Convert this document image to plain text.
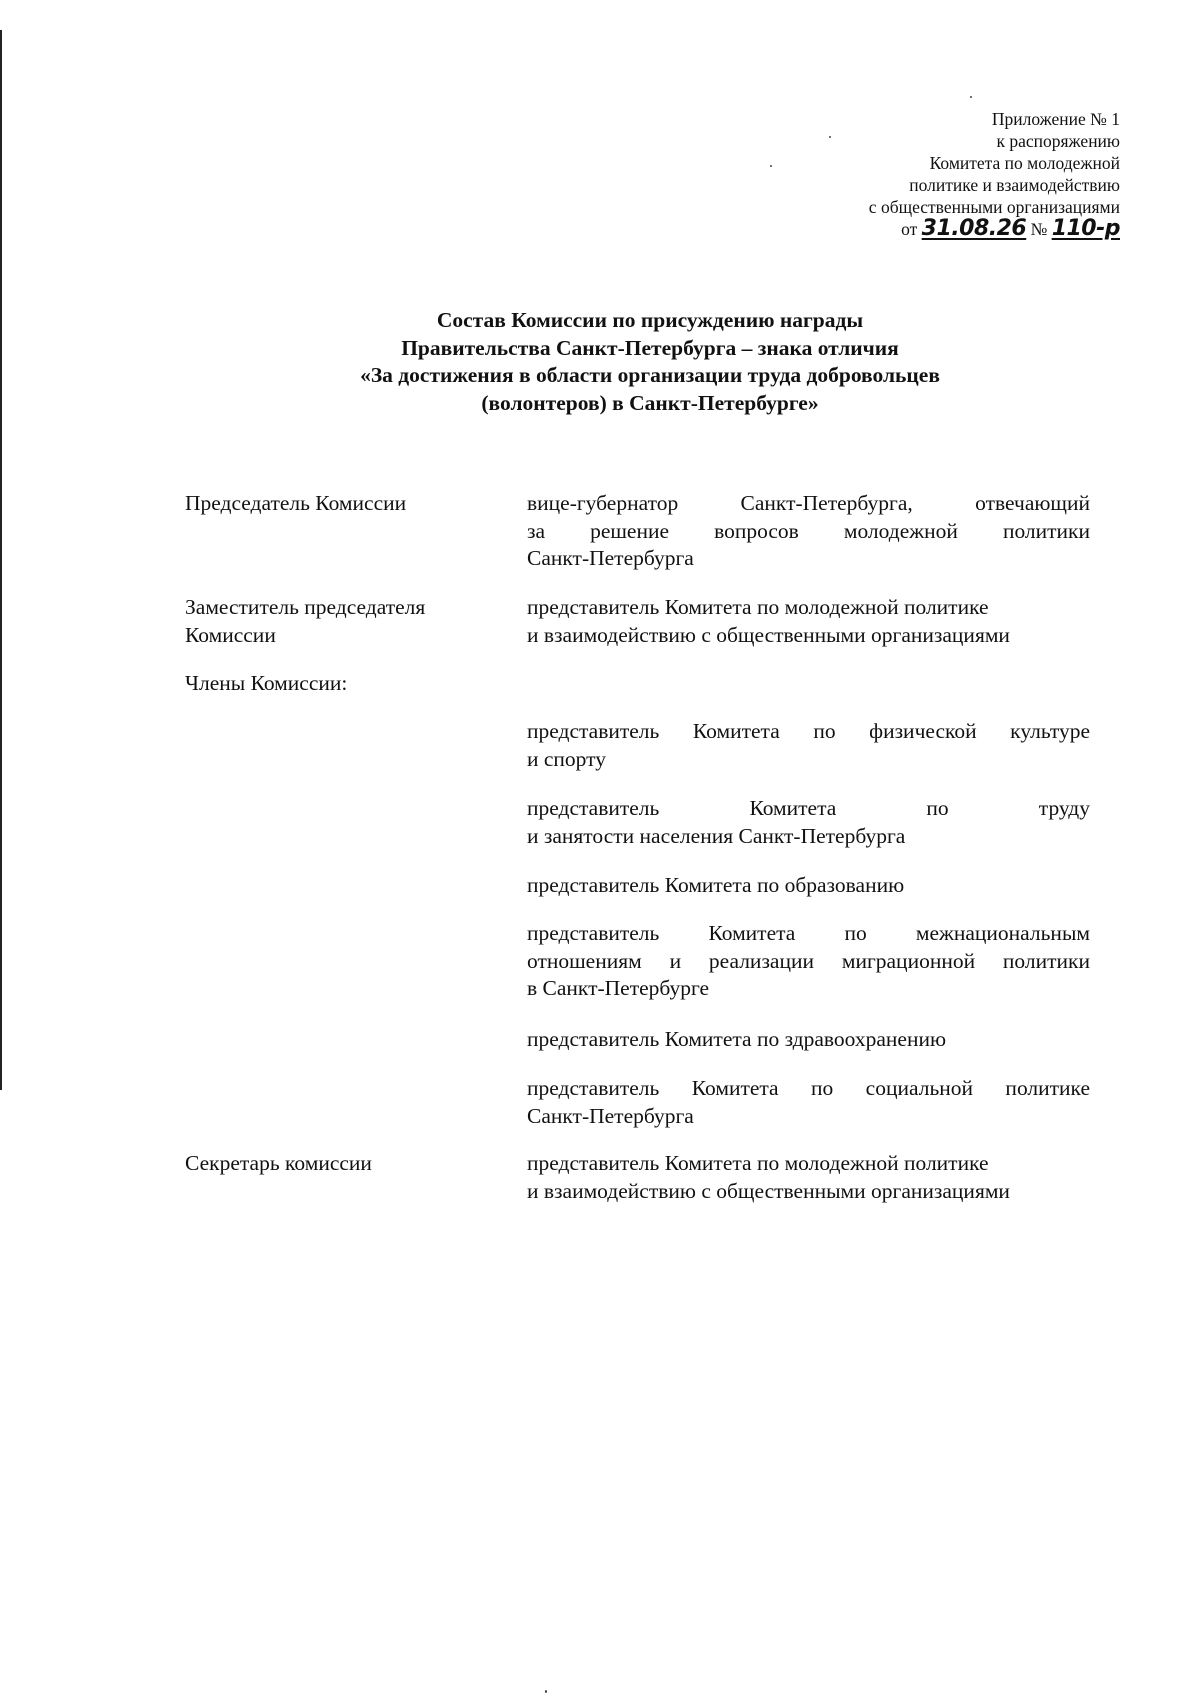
Приложение № 1
к распоряжению
Комитета по молодежной
политике и взаимодействию
с общественными организациями
от 31.08.26 № 110-р
Состав Комиссии по присуждению награды
Правительства Санкт-Петербурга – знака отличия
«За достижения в области организации труда добровольцев
(волонтеров) в Санкт-Петербурге»
Председатель Комиссии	вице-губернатор Санкт-Петербурга, отвечающий
за решение вопросов молодежной политики
Санкт-Петербурга
Заместитель председателя
Комиссии
представитель Комитета по молодежной политике
и взаимодействию с общественными организациями
Члены Комиссии:
представитель Комитета по физической культуре
и спорту
представитель Комитета по труду
и занятости населения Санкт-Петербурга
представитель Комитета по образованию
представитель Комитета по межнациональным
отношениям и реализации миграционной политики
в Санкт-Петербурге
представитель Комитета по здравоохранению
представитель Комитета по социальной политике
Санкт-Петербурга
Секретарь комиссии	представитель Комитета по молодежной политике
и взаимодействию с общественными организациями
